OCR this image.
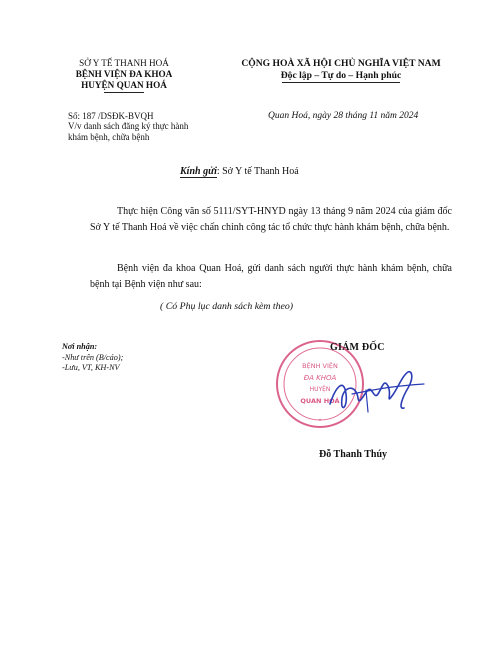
SỞ Y TẾ THANH HOÁ
BỆNH VIỆN ĐA KHOA
HUYỆN QUAN HOÁ
CỘNG HOÀ XÃ HỘI CHỦ NGHĨA VIỆT NAM
Độc lập – Tự do – Hạnh phúc
Số: 187 /DSĐK-BVQH
V/v danh sách đăng ký thực hành khám bệnh, chữa bệnh
Quan Hoá, ngày 28 tháng 11 năm 2024
Kính gửi: Sở Y tế Thanh Hoá
Thực hiện Công văn số 5111/SYT-HNYD ngày 13 tháng 9 năm 2024 của giám đốc Sở Y tế Thanh Hoá về việc chấn chỉnh công tác tổ chức thực hành khám bệnh, chữa bệnh.
Bệnh viện đa khoa Quan Hoá, gửi danh sách người thực hành khám bệnh, chữa bệnh tại Bệnh viện như sau:
( Có Phụ lục danh sách kèm theo)
Nơi nhận:
-Như trên (B/cáo);
-Lưu, VT, KH-NV	BỆNH VIỆN
ĐA KHOA
HUYỆN
QUAN HOÁ
★
GIÁM ĐỐC
Đỗ Thanh Thúy
